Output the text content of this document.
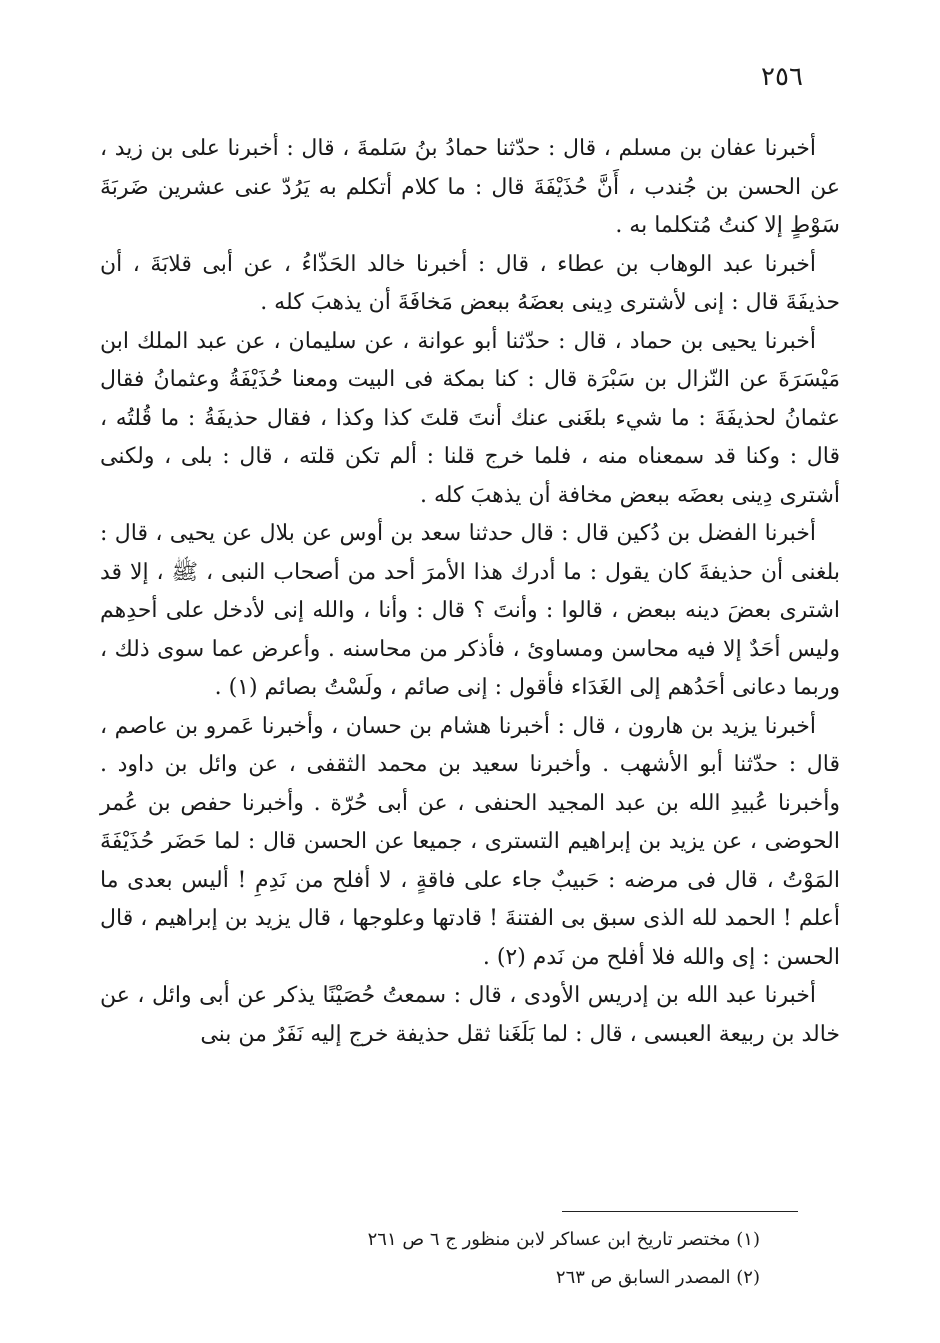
٢٥٦

أخبرنا عفان بن مسلم ، قال : حدّثنا حمادُ بنُ سَلمةَ ، قال : أخبرنا على بن زيد ، عن الحسن بن جُندب ، أَنَّ حُذَيْفَةَ قال : ما كلام أتكلم به يَرُدّ عنى عشرين ضَربَةَ سَوْطٍ إلا كنتُ مُتكلما به .

أخبرنا عبد الوهاب بن عطاء ، قال : أخبرنا خالد الحَذّاءُ ، عن أبى قلابَةَ ، أن حذيفَةَ قال : إنى لأشترى دِينى بعضَهُ ببعض مَخافَةَ أن يذهبَ كله .

أخبرنا يحيى بن حماد ، قال : حدّثنا أبو عوانة ، عن سليمان ، عن عبد الملك ابن مَيْسَرَةَ عن النّزال بن سَبْرَة قال : كنا بمكة فى البيت ومعنا حُذَيْفَةُ وعثمانُ فقال عثمانُ لحذيفَةَ : ما شيء بلغَنى عنك أنتَ قلتَ كذا وكذا ، فقال حذيفَةُ : ما قُلتُه ، قال : وكنا قد سمعناه منه ، فلما خرج قلنا : ألم تكن قلته ، قال : بلى ، ولكنى أشترى دِينى بعضَه ببعض مخافة أن يذهبَ كله .

أخبرنا الفضل بن دُكين قال : قال حدثنا سعد بن أوس عن بلال عن يحيى ، قال : بلغنى أن حذيفةَ كان يقول : ما أدرك هذا الأمرَ أحد من أصحاب النبى ، ﷺ ، إلا قد اشترى بعضَ دينه ببعض ، قالوا : وأنتَ ؟ قال : وأنا ، والله إنى لأدخل على أحدِهم وليس أحَدٌ إلا فيه محاسن ومساوئ ، فأذكر من محاسنه . وأعرض عما سوى ذلك ، وربما دعانى أحَدُهم إلى الغَدَاء فأقول : إنى صائم ، ولَسْتُ بصائم (١) .

أخبرنا يزيد بن هارون ، قال : أخبرنا هشام بن حسان ، وأخبرنا عَمرو بن عاصم ، قال : حدّثنا أبو الأشهب . وأخبرنا سعيد بن محمد الثقفى ، عن وائل بن داود . وأخبرنا عُبيدِ الله بن عبد المجيد الحنفى ، عن أبى حُرّة . وأخبرنا حفص بن عُمر الحوضى ، عن يزيد بن إبراهيم التسترى ، جميعا عن الحسن قال : لما حَضَر حُذَيْفَةَ المَوْتُ ، قال فى مرضه : حَبيبٌ جاء على فاقةٍ ، لا أفلح من نَدِمِ ! أليس بعدى ما أعلم ! الحمد لله الذى سبق بى الفتنةَ ! قادتها وعلوجها ، قال يزيد بن إبراهيم ، قال الحسن : إى والله فلا أفلح من نَدم (٢) .

أخبرنا عبد الله بن إدريس الأودى ، قال : سمعتُ حُصَيْنًا يذكر عن أبى وائل ، عن خالد بن ربيعة العبسى ، قال : لما بَلَغَنا ثقل حذيفة خرج إليه نَفَرٌ من بنى

(١) مختصر تاريخ ابن عساكر لابن منظور ج ٦ ص ٢٦١

(٢) المصدر السابق ص ٢٦٣
